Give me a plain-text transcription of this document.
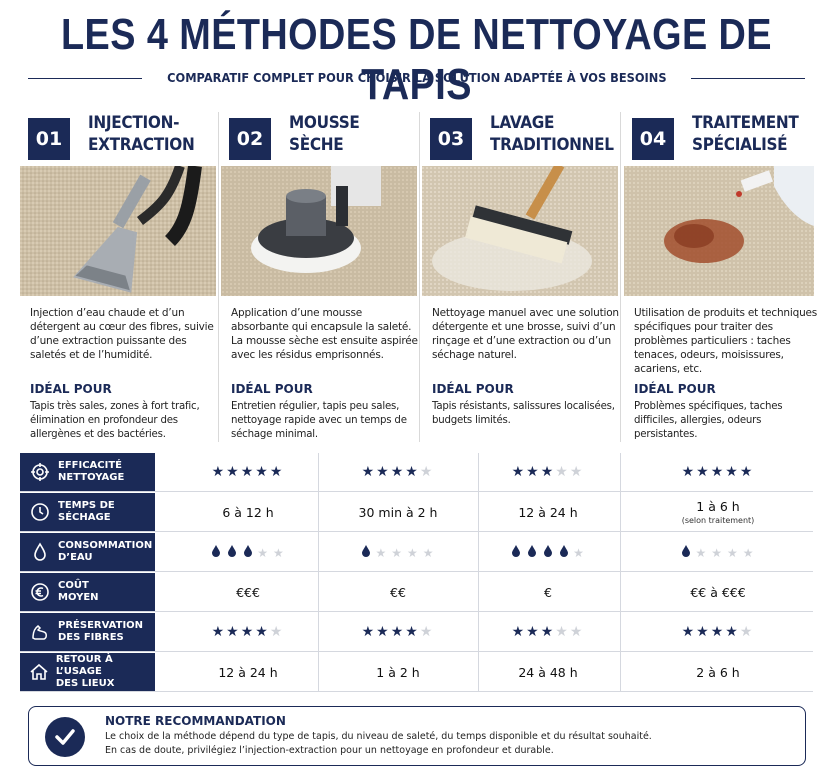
LES 4 MÉTHODES DE NETTOYAGE DE TAPIS
COMPARATIF COMPLET POUR CHOISIR LA SOLUTION ADAPTÉE À VOS BESOINS
01
INJECTION-
EXTRACTION
Injection d’eau chaude et d’un détergent au cœur des fibres, suivie d’une extraction puissante des saletés et de l’humidité.
IDÉAL POUR
Tapis très sales, zones à fort trafic, élimination en profondeur des allergènes et des bactéries.
02
MOUSSE
SÈCHE
Application d’une mousse absorbante qui encapsule la saleté. La mousse sèche est ensuite aspirée avec les résidus emprisonnés.
IDÉAL POUR
Entretien régulier, tapis peu sales, nettoyage rapide avec un temps de séchage minimal.
03
LAVAGE
TRADITIONNEL
Nettoyage manuel avec une solution détergente et une brosse, suivi d’un rinçage et d’une extraction ou d’un séchage naturel.
IDÉAL POUR
Tapis résistants, salissures localisées, budgets limités.
04
TRAITEMENT
SPÉCIALISÉ
Utilisation de produits et techniques spécifiques pour traiter des problèmes particuliers : taches tenaces, odeurs, moisissures, acariens, etc.
IDÉAL POUR
Problèmes spécifiques, taches difficiles, allergies, odeurs persistantes.
EFFICACITÉ
NETTOYAGE	★★★★★	★★★★★	★★★★★	★★★★★
TEMPS DE
SÉCHAGE	6 à 12 h	30 min à 2 h	12 à 24 h	1 à 6 h
(selon traitement)
CONSOMMATION
D’EAU	★ ★	★ ★ ★ ★	★	★ ★ ★ ★
COÛT
MOYEN	€€€	€€	€	€€ à €€€
PRÉSERVATION
DES FIBRES	★★★★★	★★★★★	★★★★★	★★★★★
RETOUR À L’USAGE
DES LIEUX
12 à 24 h	1 à 2 h	24 à 48 h	2 à 6 h
NOTRE RECOMMANDATION
Le choix de la méthode dépend du type de tapis, du niveau de saleté, du temps disponible et du résultat souhaité.
En cas de doute, privilégiez l’injection-extraction pour un nettoyage en profondeur et durable.
